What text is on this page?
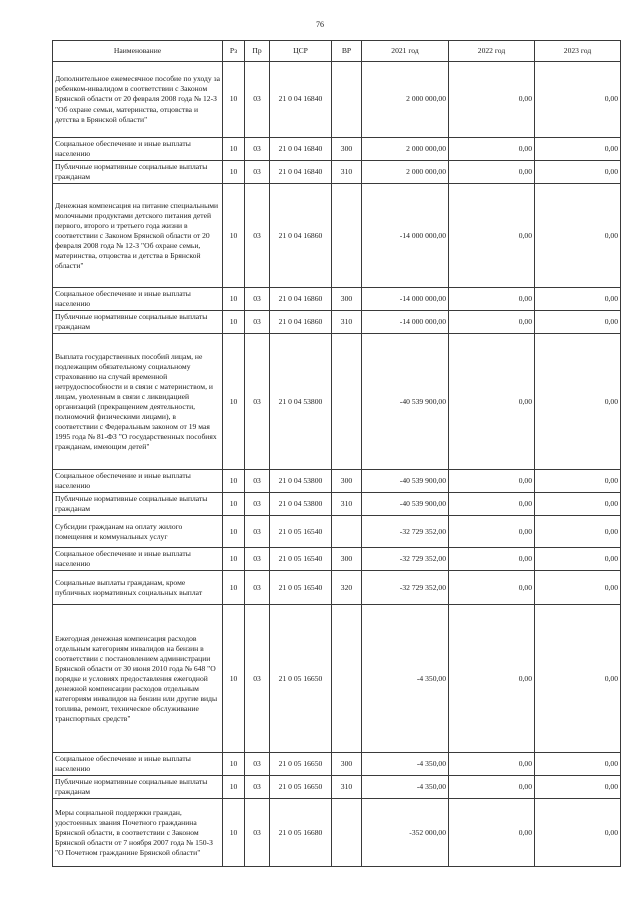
76
Наименование	Рз	Пр	ЦСР	ВР	2021 год	2022 год	2023 год
Дополнительное ежемесячное пособие по уходу за ребенком-инвалидом в соответствии с Законом Брянской области от 20 февраля 2008 года № 12-З "Об охране семьи, материнства, отцовства и детства в Брянской области"	10	03	21 0 04 16840		2 000 000,00	0,00	0,00
Социальное обеспечение и иные выплаты населению	10	03	21 0 04 16840	300	2 000 000,00	0,00	0,00
Публичные нормативные социальные выплаты гражданам	10	03	21 0 04 16840	310	2 000 000,00	0,00	0,00
Денежная компенсация на питание специальными молочными продуктами детского питания детей первого, второго и третьего года жизни в соответствии с Законом Брянской области от 20 февраля 2008 года № 12-З "Об охране семьи, материнства, отцовства и детства в Брянской области"	10	03	21 0 04 16860		-14 000 000,00	0,00	0,00
Социальное обеспечение и иные выплаты населению	10	03	21 0 04 16860	300	-14 000 000,00	0,00	0,00
Публичные нормативные социальные выплаты гражданам	10	03	21 0 04 16860	310	-14 000 000,00	0,00	0,00
Выплата государственных пособий лицам, не подлежащим обязательному социальному страхованию на случай временной нетрудоспособности и в связи с материнством, и лицам, уволенным в связи с ликвидацией организаций (прекращением деятельности, полномочий физическими лицами), в соответствии с Федеральным законом от 19 мая 1995 года № 81-ФЗ "О государственных пособиях гражданам, имеющим детей"	10	03	21 0 04 53800		-40 539 900,00	0,00	0,00
Социальное обеспечение и иные выплаты населению	10	03	21 0 04 53800	300	-40 539 900,00	0,00	0,00
Публичные нормативные социальные выплаты гражданам	10	03	21 0 04 53800	310	-40 539 900,00	0,00	0,00
Субсидии гражданам на оплату жилого помещения и коммунальных услуг	10	03	21 0 05 16540		-32 729 352,00	0,00	0,00
Социальное обеспечение и иные выплаты населению	10	03	21 0 05 16540	300	-32 729 352,00	0,00	0,00
Социальные выплаты гражданам, кроме публичных нормативных социальных выплат	10	03	21 0 05 16540	320	-32 729 352,00	0,00	0,00
Ежегодная денежная компенсация расходов отдельным категориям инвалидов на бензин в соответствии с постановлением администрации Брянской области от 30 июня 2010 года № 648 "О порядке и условиях предоставления ежегодной денежной компенсации расходов отдельным категориям инвалидов на бензин или другие виды топлива, ремонт, техническое обслуживание транспортных средств"	10	03	21 0 05 16650		-4 350,00	0,00	0,00
Социальное обеспечение и иные выплаты населению	10	03	21 0 05 16650	300	-4 350,00	0,00	0,00
Публичные нормативные социальные выплаты гражданам	10	03	21 0 05 16650	310	-4 350,00	0,00	0,00
Меры социальной поддержки граждан, удостоенных звания Почетного гражданина Брянской области, в соответствии с Законом Брянской области от 7 ноября 2007 года № 150-З "О Почетном гражданине Брянской области"	10	03	21 0 05 16680		-352 000,00	0,00	0,00
